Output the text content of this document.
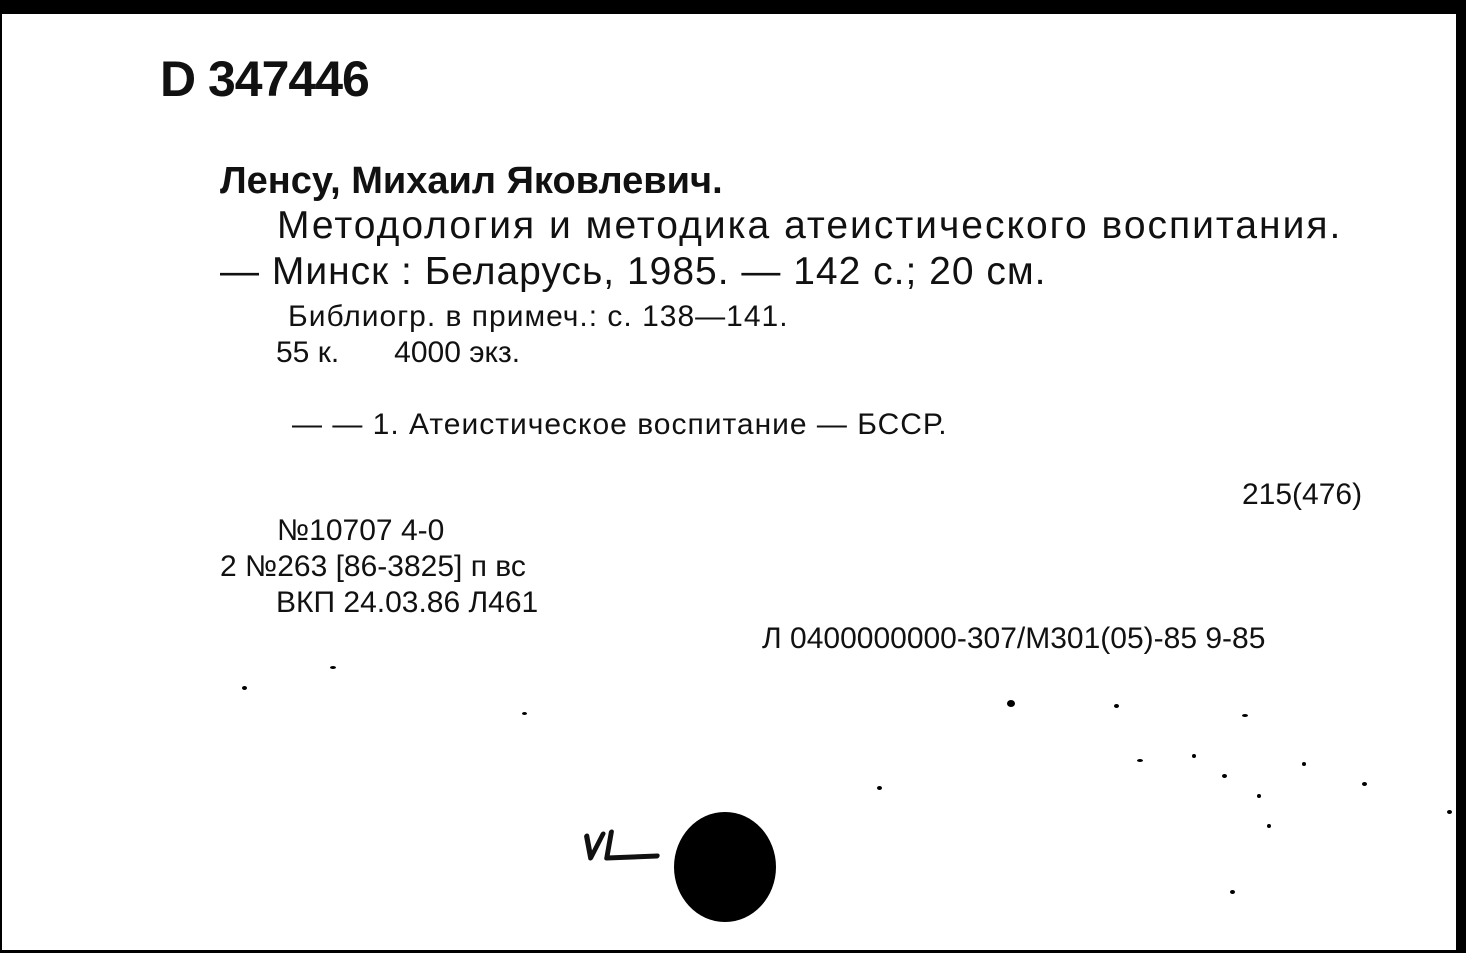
D 347446
Ленсу, Михаил Яковлевич.
Методология и методика атеистического воспитания.
— Минск : Беларусь, 1985. — 142 с.; 20 см.
Библиогр. в примеч.: с. 138—141.
55 к. 4000 экз.
— — 1. Атеистическое воспитание — БССР.
215(476)
№10707 4-0
2 №263 [86-3825] п вс
ВКП 24.03.86 Л461
Л 0400000000-307/М301(05)-85 9-85
